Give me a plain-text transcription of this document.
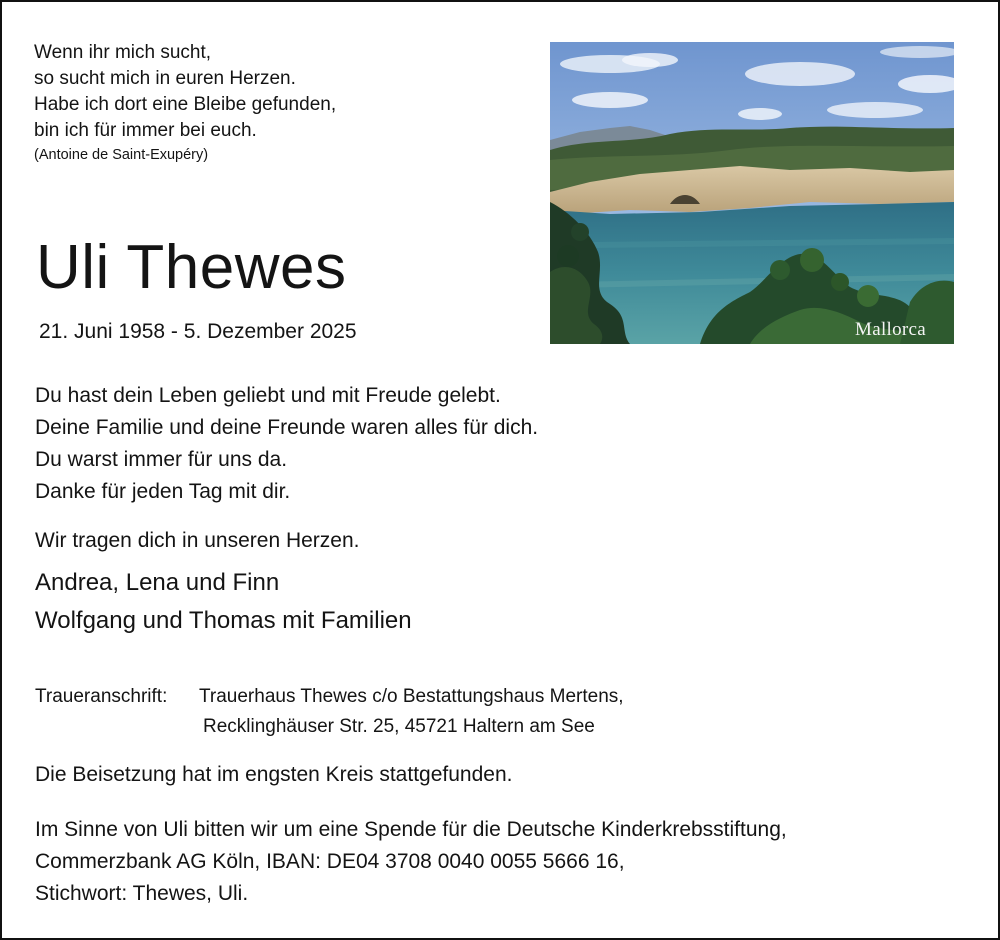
Wenn ihr mich sucht,
so sucht mich in euren Herzen.
Habe ich dort eine Bleibe gefunden,
bin ich für immer bei euch.
(Antoine de Saint-Exupéry)
Uli Thewes
21. Juni 1958 - 5. Dezember 2025	Mallorca
Du hast dein Leben geliebt und mit Freude gelebt.
Deine Familie und deine Freunde waren alles für dich.
Du warst immer für uns da.
Danke für jeden Tag mit dir.
Wir tragen dich in unseren Herzen.
Andrea, Lena und Finn
Wolfgang und Thomas mit Familien
Traueranschrift: Trauerhaus Thewes c/o Bestattungshaus Mertens,
Recklinghäuser Str. 25, 45721 Haltern am See
Die Beisetzung hat im engsten Kreis stattgefunden.
Im Sinne von Uli bitten wir um eine Spende für die Deutsche Kinderkrebsstiftung,
Commerzbank AG Köln, IBAN: DE04 3708 0040 0055 5666 16,
Stichwort: Thewes, Uli.
